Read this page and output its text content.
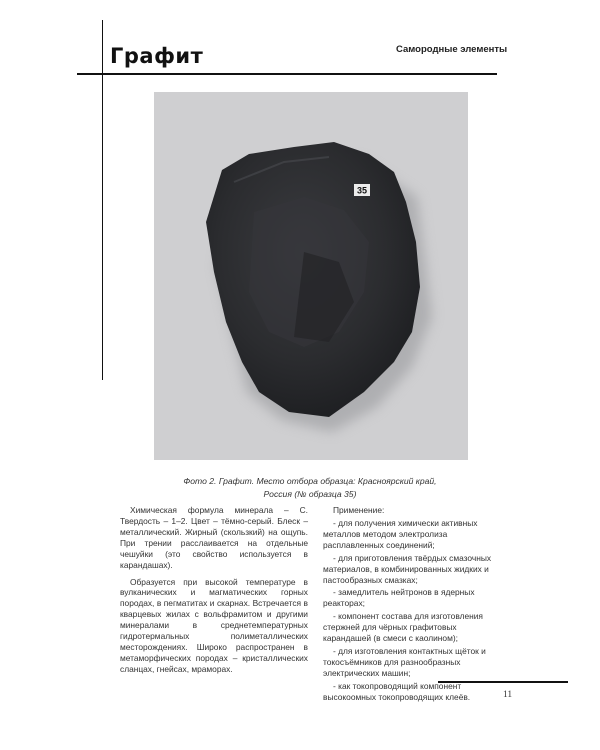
Графит	Самородные элементы
35
Фото 2. Графит. Место отбора образца: Красноярский край,
Россия (№ образца 35)

Химическая формула минерала – С. Твердость – 1–2. Цвет – тёмно-серый. Блеск – металлический. Жирный (скользкий) на ощупь. При трении расслаивается на отдельные чешуйки (это свойство используется в карандашах).

Образуется при высокой температуре в вулканических и магматических горных породах, в пегматитах и скарнах. Встречается в кварцевых жилах с вольфрамитом и другими минералами в среднетемпературных гидротермальных полиметаллических месторождениях. Широко распространен в метаморфических породах – кристаллических сланцах, гнейсах, мраморах.

Применение:
- для получения химически активных металлов методом электролиза расплавленных соединений;
- для приготовления твёрдых смазочных материалов, в комбинированных жидких и пастообразных смазках;
- замедлитель нейтронов в ядерных реакторах;
- компонент состава для изготовления стержней для чёрных графитовых карандашей (в смеси с каолином);
- для изготовления контактных щёток и токосъёмников для разнообразных электрических машин;
- как токопроводящий компонент высокоомных токопроводящих клеёв.	11
